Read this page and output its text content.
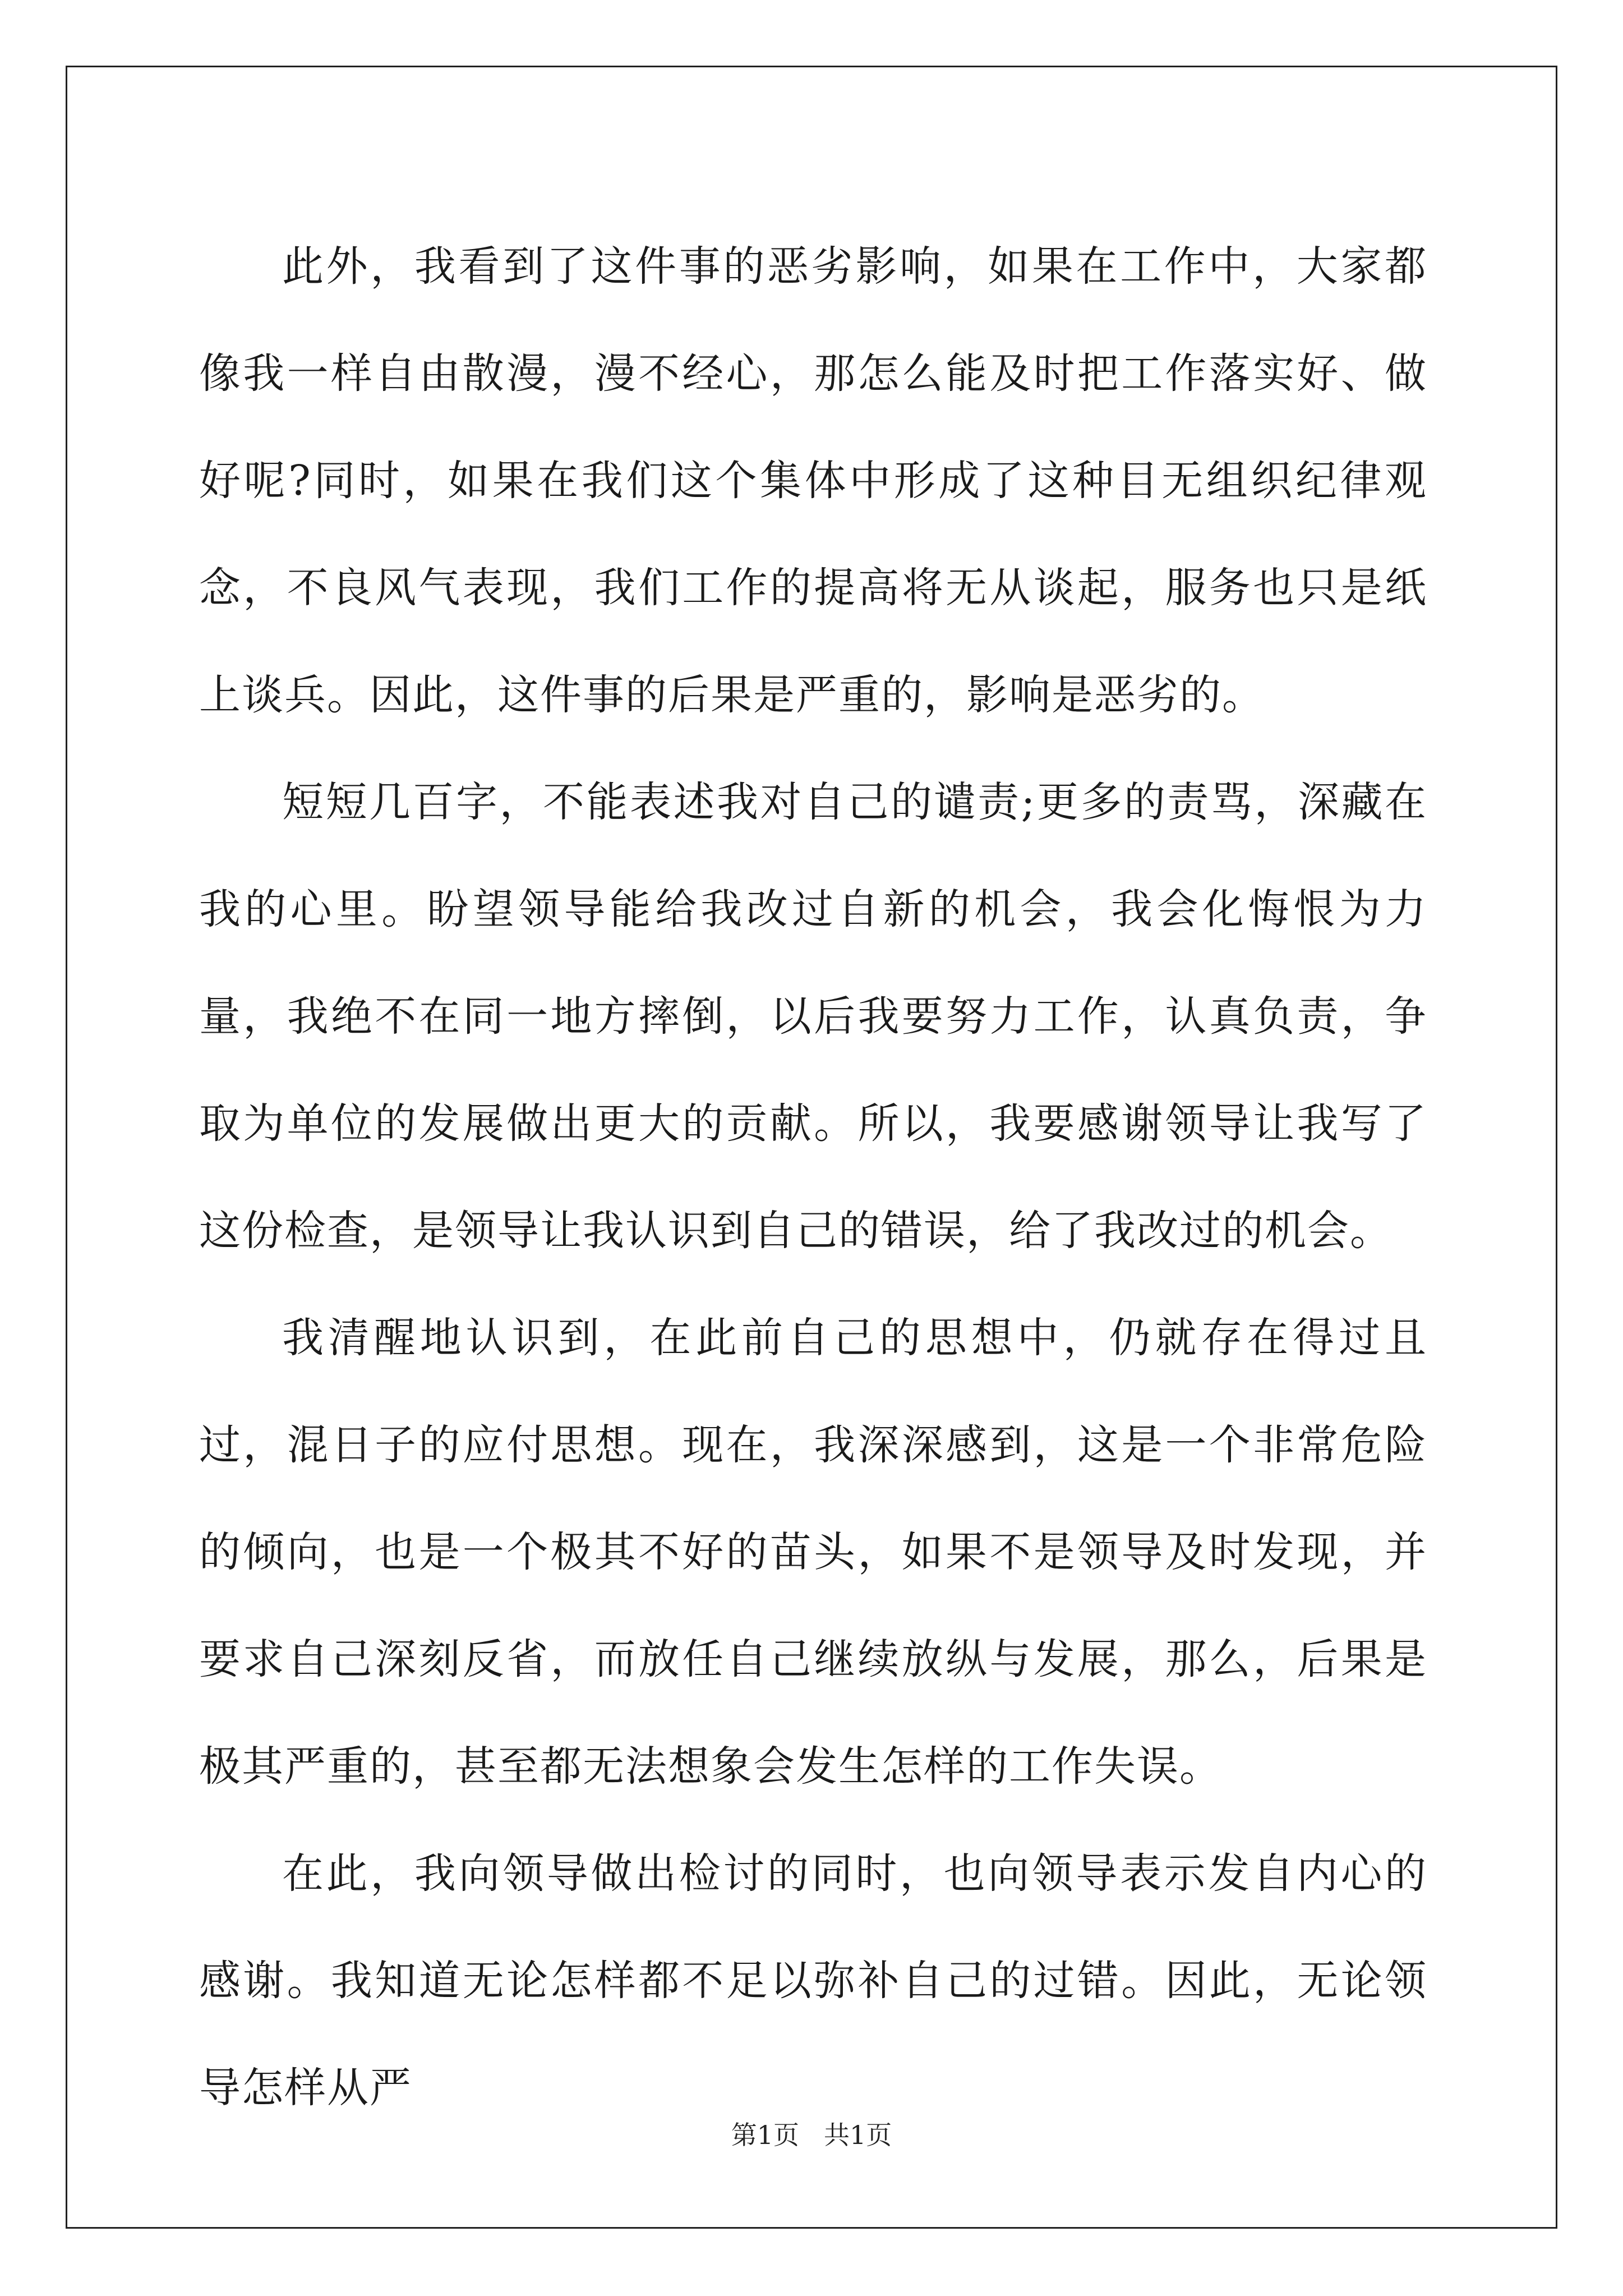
此外，我看到了这件事的恶劣影响，如果在工作中，大家都像我一样自由散漫，漫不经心，那怎么能及时把工作落实好、做好呢?同时，如果在我们这个集体中形成了这种目无组织纪律观念，不良风气表现，我们工作的提高将无从谈起，服务也只是纸上谈兵。因此，这件事的后果是严重的，影响是恶劣的。

短短几百字，不能表述我对自己的谴责;更多的责骂，深藏在我的心里。盼望领导能给我改过自新的机会，我会化悔恨为力量，我绝不在同一地方摔倒，以后我要努力工作，认真负责，争取为单位的发展做出更大的贡献。所以，我要感谢领导让我写了这份检查，是领导让我认识到自己的错误，给了我改过的机会。

我清醒地认识到，在此前自己的思想中，仍就存在得过且过，混日子的应付思想。现在，我深深感到，这是一个非常危险的倾向，也是一个极其不好的苗头，如果不是领导及时发现，并要求自己深刻反省，而放任自己继续放纵与发展，那么，后果是极其严重的，甚至都无法想象会发生怎样的工作失误。

在此，我向领导做出检讨的同时，也向领导表示发自内心的感谢。我知道无论怎样都不足以弥补自己的过错。因此，无论领导怎样从严

第1页 共1页
